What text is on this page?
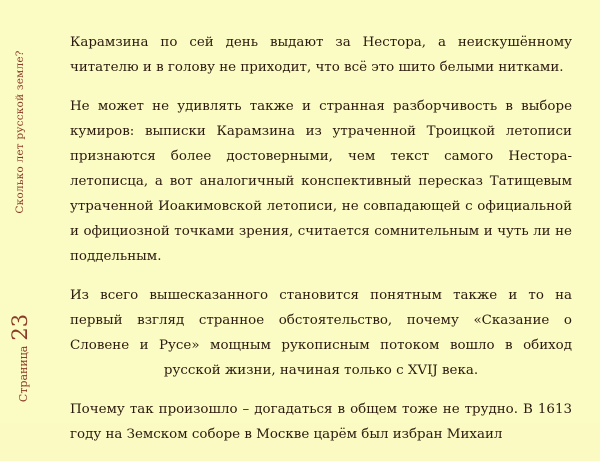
Сколько лет русской земле?
Страница
23

Карамзина по сей день выдают за Нестора, а неискушённому читателю и в голову не приходит, что всё это шито белыми нитками.

Не может не удивлять также и странная разборчивость в выборе кумиров: выписки Карамзина из утраченной Троицкой летописи признаются более достоверными, чем текст самого Нестора-летописца, а вот аналогичный конспективный пересказ Татищевым утраченной Иоакимовской летописи, не совпадающей с официальной и официозной точками зрения, считается сомнительным и чуть ли не поддельным.

Из всего вышесказанного становится понятным также и то на первый взгляд странное обстоятельство, почему «Сказание о Словене и Русе» мощным рукописным потоком вошло в обиход русской жизни, начиная только с XVIJ века.

Почему так произошло – догадаться в общем тоже не трудно. В 1613 году на Земском соборе в Москве царём был избран Михаил
